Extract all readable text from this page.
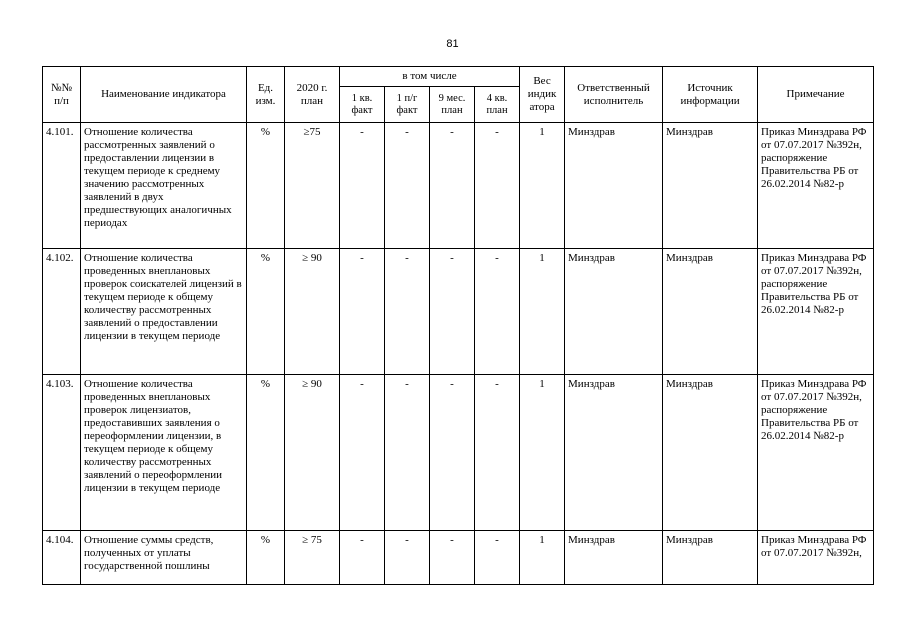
81
№№ п/п	Наименование индикатора	Ед. изм.	2020 г. план	в том числе				Вес индик атора	Ответственный исполнитель	Источник информации	Примечание
				1 кв. факт	1 п/г факт	9 мес. план	4 кв. план				
4.101.	Отношение количества рассмотренных заявлений о предоставлении лицензии в текущем периоде к среднему значению рассмотренных заявлений в двух предшествующих аналогичных периодах	%	≥75	-	-	-	-	1	Минздрав	Минздрав	Приказ Минздрава РФ от 07.07.2017 №392н, распоряжение Правительства РБ от 26.02.2014 №82-р
4.102.	Отношение количества проведенных внеплановых проверок соискателей лицензий в текущем периоде к общему количеству рассмотренных заявлений о предоставлении лицензии в текущем периоде	%	≥ 90	-	-	-	-	1	Минздрав	Минздрав	Приказ Минздрава РФ от 07.07.2017 №392н, распоряжение Правительства РБ от 26.02.2014 №82-р
4.103.	Отношение количества проведенных внеплановых проверок лицензиатов, предоставивших заявления о переоформлении лицензии, в текущем периоде к общему количеству рассмотренных заявлений о переоформлении лицензии в текущем периоде	%	≥ 90	-	-	-	-	1	Минздрав	Минздрав	Приказ Минздрава РФ от 07.07.2017 №392н, распоряжение Правительства РБ от 26.02.2014 №82-р
4.104.	Отношение суммы средств, полученных от уплаты государственной пошлины	%	≥ 75	-	-	-	-	1	Минздрав	Минздрав	Приказ Минздрава РФ от 07.07.2017 №392н,
